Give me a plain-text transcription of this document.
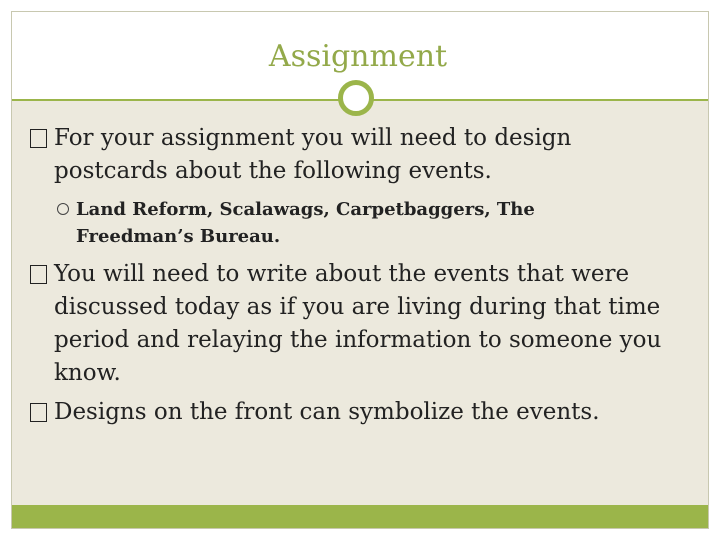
Assignment
For your assignment you will need to design postcards about the following events.
Land Reform, Scalawags, Carpetbaggers, The Freedman’s Bureau.
You will need to write about the events that were discussed today as if you are living during that time period and relaying the information to someone you know.
Designs on the front can symbolize the events.
